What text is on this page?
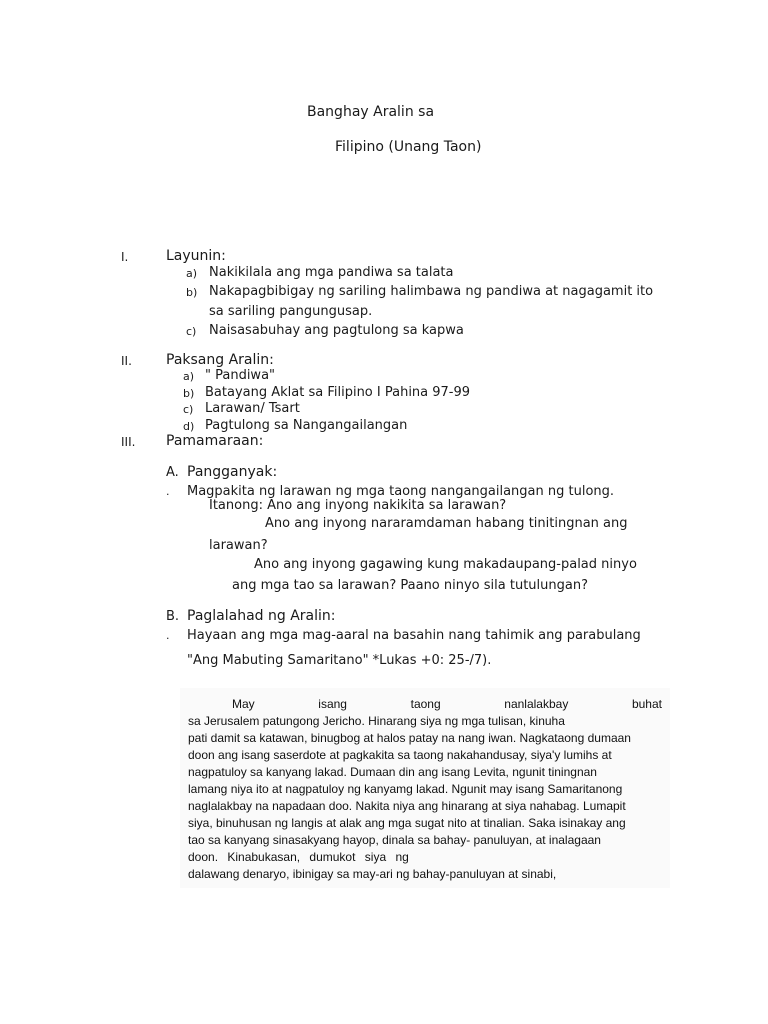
Banghay Aralin sa
Filipino (Unang Taon)
I.	Layunin:
a) Nakikilala ang mga pandiwa sa talata
b) Nakapagbibigay ng sariling halimbawa ng pandiwa at nagagamit ito
sa sariling pangungusap.
c) Naisasabuhay ang pagtulong sa kapwa
II. Paksang Aralin:
a) " Pandiwa"
b) Batayang Aklat sa Filipino I Pahina 97-99
c) Larawan/ Tsart
d) Pagtulong sa Nangangailangan
III. Pamamaraan:
A. Pangganyak:
. Magpakita ng larawan ng mga taong nangangailangan ng tulong.
Itanong: Ano ang inyong nakikita sa larawan?
Ano ang inyong nararamdaman habang tinitingnan ang
larawan?
Ano ang inyong gagawing kung makadaupang-palad ninyo
ang mga tao sa larawan? Paano ninyo sila tutulungan?
B. Paglalahad ng Aralin:
. Hayaan ang mga mag-aaral na basahin nang tahimik ang parabulang
"Ang Mabuting Samaritano" *Lukas +0: 25-/7).
May	isang	taong	nanlalakbay	buhat
sa Jerusalem patungong Jericho. Hinarang siya ng mga tulisan, kinuha
pati damit sa katawan, binugbog at halos patay na nang iwan. Nagkataong dumaan
doon ang isang saserdote at pagkakita sa taong nakahandusay, siya'y lumihs at
nagpatuloy sa kanyang lakad. Dumaan din ang isang Levita, ngunit tiningnan
lamang niya ito at nagpatuloy ng kanyamg lakad. Ngunit may isang Samaritanong
naglalakbay na napadaan doo. Nakita niya ang hinarang at siya nahabag. Lumapit
siya, binuhusan ng langis at alak ang mga sugat nito at tinalian. Saka isinakay ang
tao sa kanyang sinasakyang hayop, dinala sa bahay- panuluyan, at inalagaan
doon. Kinabukasan, dumukot siya ng
dalawang denaryo, ibinigay sa may-ari ng bahay-panuluyan at sinabi,
